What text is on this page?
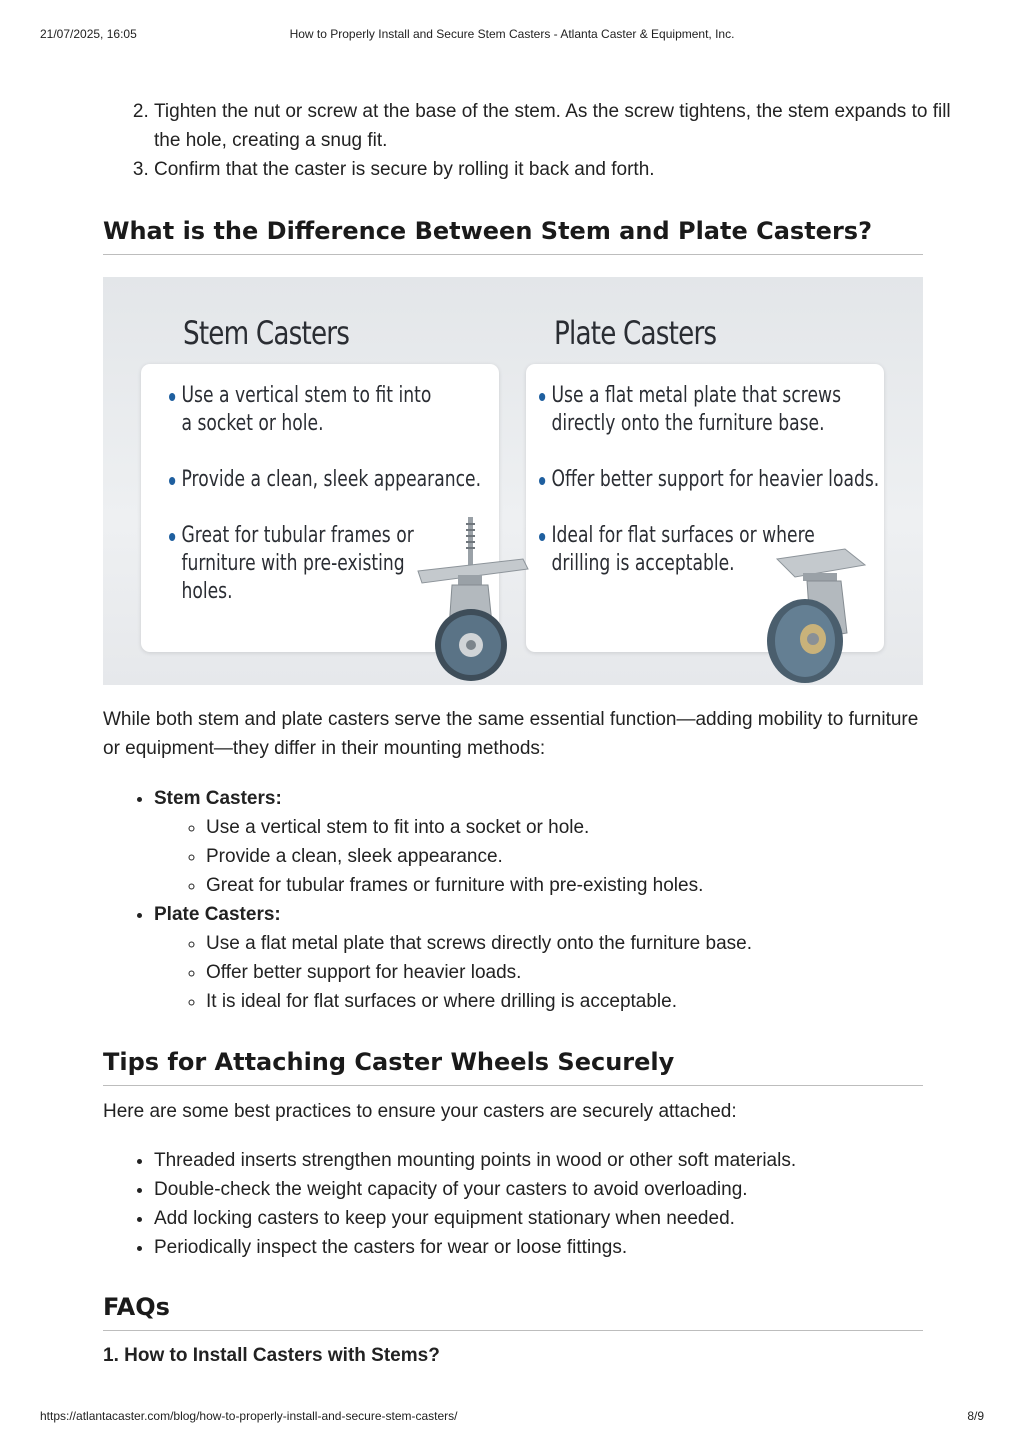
21/07/2025, 16:05	How to Properly Install and Secure Stem Casters - Atlanta Caster & Equipment, Inc.
2. Tighten the nut or screw at the base of the stem. As the screw tightens, the stem expands to fill the hole, creating a snug fit.
3. Confirm that the caster is secure by rolling it back and forth.
What is the Difference Between Stem and Plate Casters?
Stem Casters	Plate Casters
Use a vertical stem to fit into a socket or hole.
Provide a clean, sleek appearance.
Great for tubular frames or furniture with pre-existing holes.
Use a flat metal plate that screws directly onto the furniture base.
Offer better support for heavier loads.
Ideal for flat surfaces or where drilling is acceptable.

While both stem and plate casters serve the same essential function—adding mobility to furniture or equipment—they differ in their mounting methods:

• Stem Casters:
◦ Use a vertical stem to fit into a socket or hole.
◦ Provide a clean, sleek appearance.
◦ Great for tubular frames or furniture with pre-existing holes.
• Plate Casters:
◦ Use a flat metal plate that screws directly onto the furniture base.
◦ Offer better support for heavier loads.
◦ It is ideal for flat surfaces or where drilling is acceptable.
Tips for Attaching Caster Wheels Securely

Here are some best practices to ensure your casters are securely attached:

• Threaded inserts strengthen mounting points in wood or other soft materials.
• Double-check the weight capacity of your casters to avoid overloading.
• Add locking casters to keep your equipment stationary when needed.
• Periodically inspect the casters for wear or loose fittings.
FAQs
1. How to Install Casters with Stems?
https://atlantacaster.com/blog/how-to-properly-install-and-secure-stem-casters/	8/9
